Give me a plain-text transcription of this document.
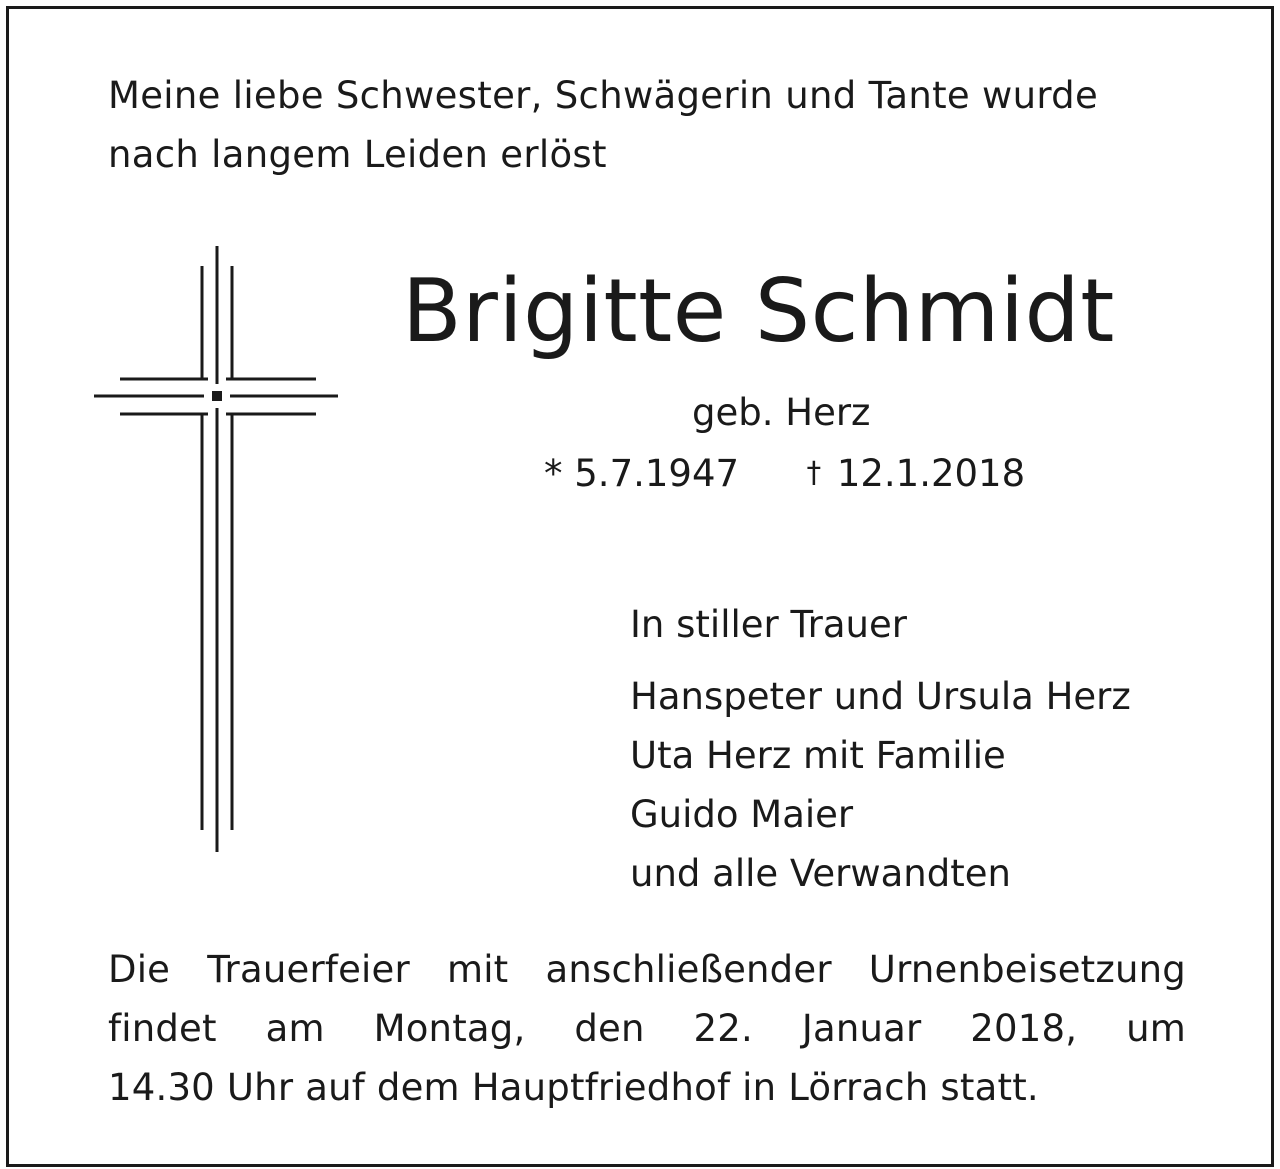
Meine liebe Schwester, Schwägerin und Tante wurde
nach langem Leiden erlöst
Brigitte Schmidt
geb. Herz
* 5.7.1947 † 12.1.2018
In stiller Trauer
Hanspeter und Ursula Herz
Uta Herz mit Familie
Guido Maier
und alle Verwandten
Die Trauerfeier mit anschließender Urnenbeisetzung
findet am Montag, den 22. Januar 2018, um
14.30 Uhr auf dem Hauptfriedhof in Lörrach statt.
